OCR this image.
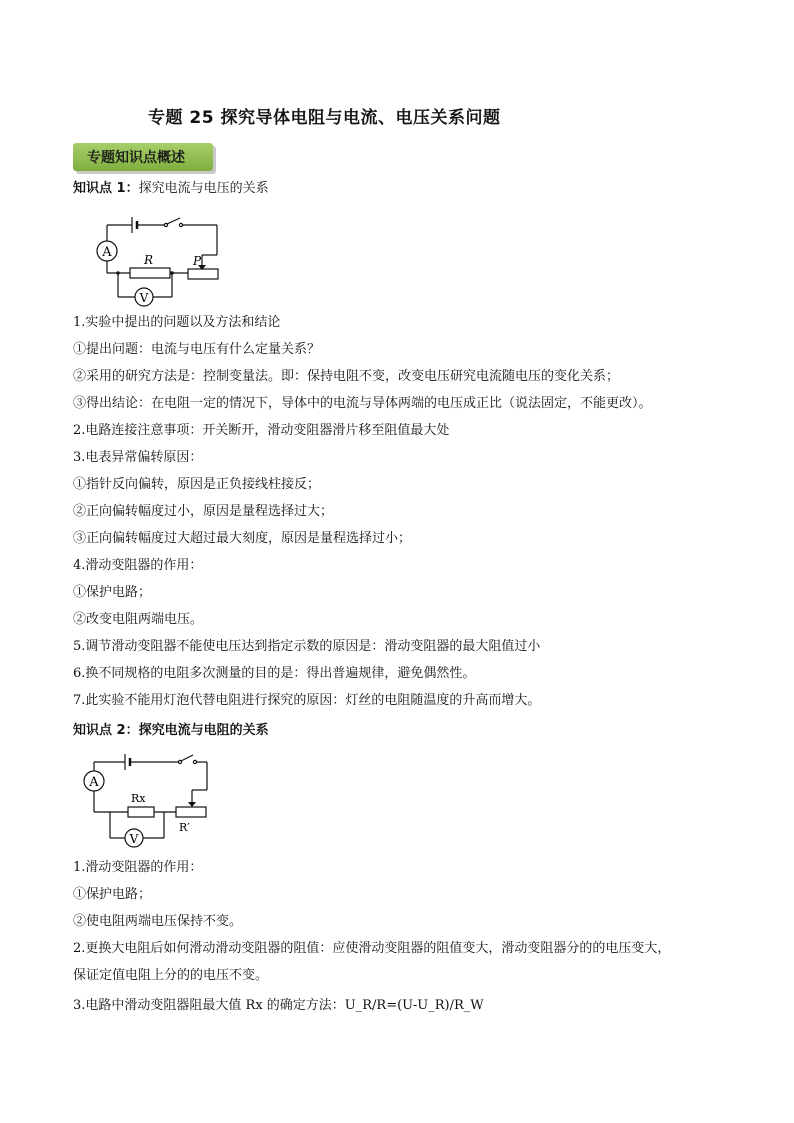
专题 25 探究导体电阻与电流、电压关系问题
专题知识点概述
知识点 1：探究电流与电压的关系
A
V
R	P
1.实验中提出的问题以及方法和结论
①提出问题：电流与电压有什么定量关系？
②采用的研究方法是：控制变量法。即：保持电阻不变，改变电压研究电流随电压的变化关系；
③得出结论：在电阻一定的情况下，导体中的电流与导体两端的电压成正比（说法固定，不能更改）。
2.电路连接注意事项：开关断开，滑动变阻器滑片移至阻值最大处
3.电表异常偏转原因：
①指针反向偏转，原因是正负接线柱接反；
②正向偏转幅度过小，原因是量程选择过大；
③正向偏转幅度过大超过最大刻度，原因是量程选择过小；
4.滑动变阻器的作用：
①保护电路；
②改变电阻两端电压。
5.调节滑动变阻器不能使电压达到指定示数的原因是：滑动变阻器的最大阻值过小
6.换不同规格的电阻多次测量的目的是：得出普遍规律，避免偶然性。
7.此实验不能用灯泡代替电阻进行探究的原因：灯丝的电阻随温度的升高而增大。
知识点 2：探究电流与电阻的关系
A
V
Rx
R′
1.滑动变阻器的作用：
①保护电路；
②使电阻两端电压保持不变。
2.更换大电阻后如何滑动滑动变阻器的阻值：应使滑动变阻器的阻值变大，滑动变阻器分的的电压变大，
保证定值电阻上分的的电压不变。
3.电路中滑动变阻器阻最大值 Rx 的确定方法：U_R/R=(U-U_R)/R_W
